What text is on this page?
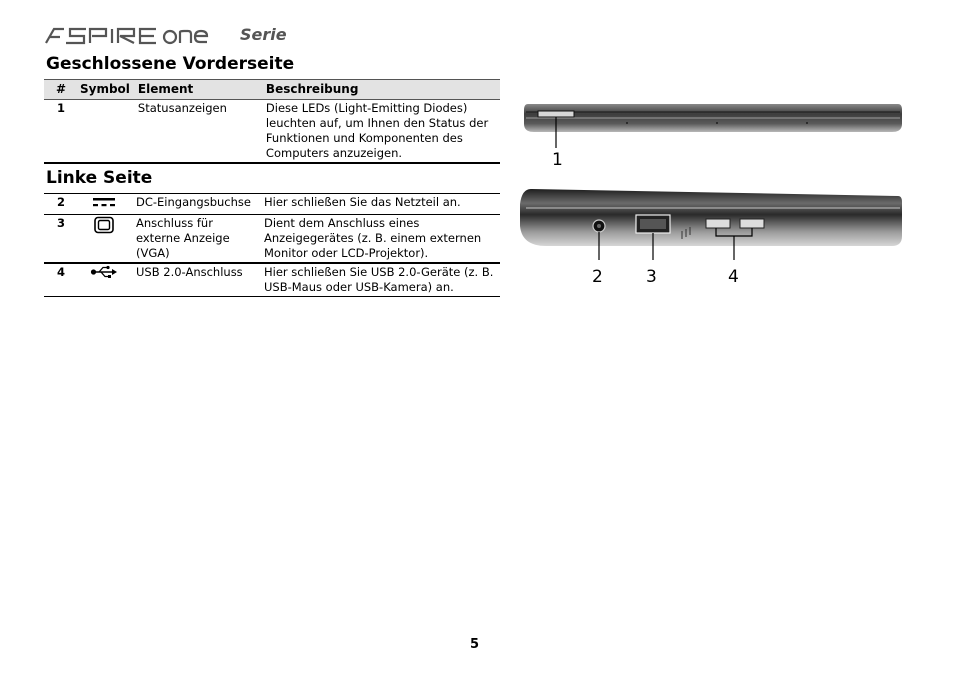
Serie
Geschlossene Vorderseite
#	Symbol	Element	Beschreibung
1		Statusanzeigen	Diese LEDs (Light-Emitting Diodes) leuchten auf, um Ihnen den Status der Funktionen und Komponenten des Computers anzuzeigen.
Linke Seite
2		DC-Eingangsbuchse	Hier schließen Sie das Netzteil an.
3		Anschluss für externe Anzeige (VGA)	Dient dem Anschluss eines Anzeigegerätes (z. B. einem externen Monitor oder LCD-Projektor).
4		USB 2.0-Anschluss	Hier schließen Sie USB 2.0-Geräte (z. B. USB-Maus oder USB-Kamera) an.
1
2	3	4
5
